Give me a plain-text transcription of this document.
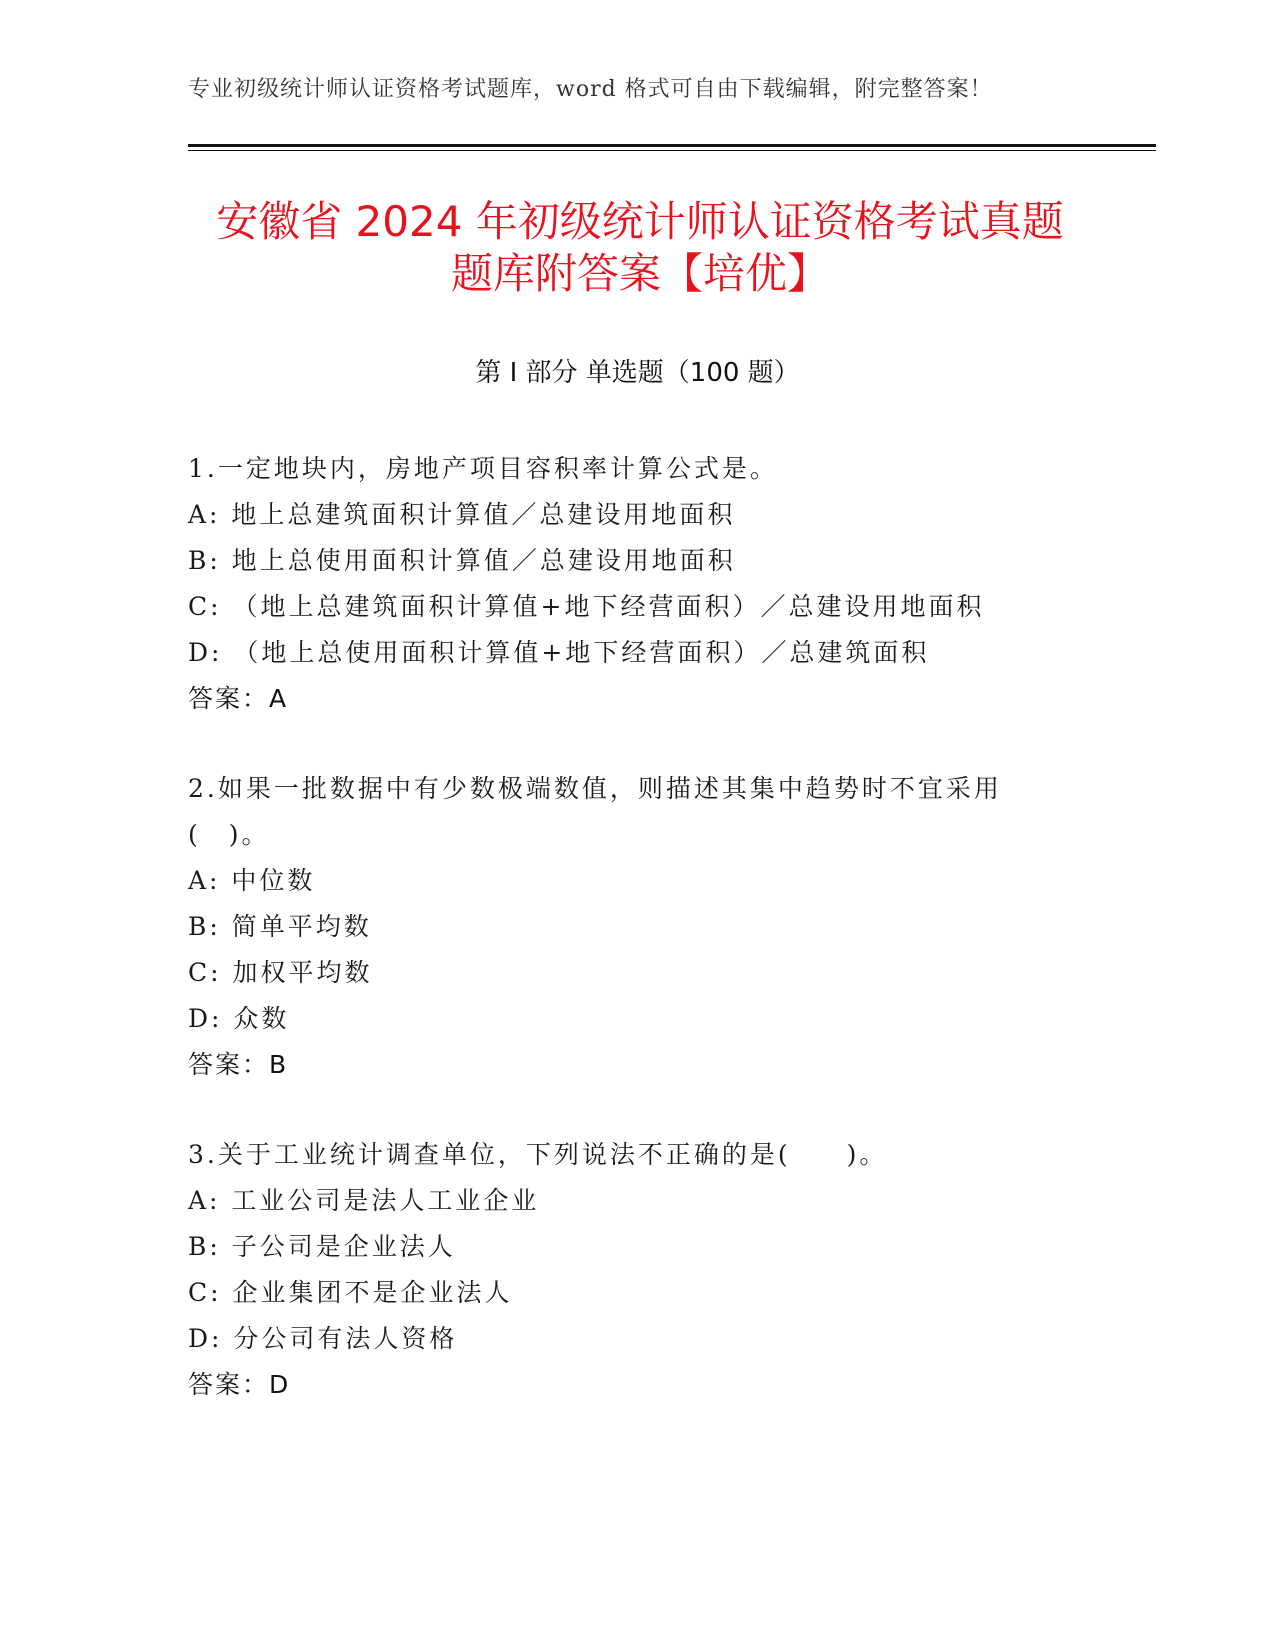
专业初级统计师认证资格考试题库，word 格式可自由下载编辑，附完整答案！
安徽省 2024 年初级统计师认证资格考试真题
题库附答案【培优】
第 I 部分 单选题（100 题）
1.一定地块内，房地产项目容积率计算公式是。
A: 地上总建筑面积计算值／总建设用地面积
B: 地上总使用面积计算值／总建设用地面积
C: （地上总建筑面积计算值+地下经营面积）／总建设用地面积
D: （地上总使用面积计算值+地下经营面积）／总建筑面积
答案：A
2.如果一批数据中有少数极端数值，则描述其集中趋势时不宜采用(　)。
A: 中位数
B: 简单平均数
C: 加权平均数
D: 众数
答案：B
3.关于工业统计调查单位，下列说法不正确的是(　　)。
A: 工业公司是法人工业企业
B: 子公司是企业法人
C: 企业集团不是企业法人
D: 分公司有法人资格
答案：D
